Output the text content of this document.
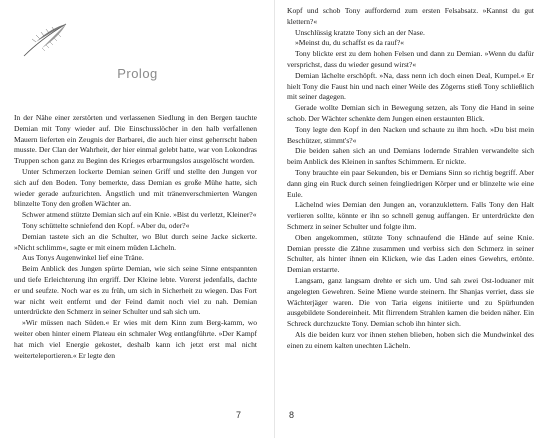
Prolog

In der Nähe einer zerstörten und verlassenen Siedlung in den Bergen tauchte Demian mit Tony wieder auf. Die Einschusslöcher in den halb verfallenen Mauern lieferten ein Zeugnis der Barbarei, die auch hier einst geherrscht haben musste. Der Clan der Wahrheit, der hier einmal gelebt hatte, war von Lokondras Truppen schon ganz zu Beginn des Krieges erbarmungslos ausgelöscht worden.

Unter Schmerzen lockerte Demian seinen Griff und stellte den Jungen vor sich auf den Boden. Tony bemerkte, dass Demian es große Mühe hatte, sich wieder gerade aufzurichten. Ängstlich und mit tränenverschmierten Wangen blinzelte Tony den großen Wächter an.

Schwer atmend stützte Demian sich auf ein Knie. »Bist du verletzt, Kleiner?«

Tony schüttelte schniefend den Kopf. »Aber du, oder?«

Demian tastete sich an die Schulter, wo Blut durch seine Jacke sickerte. »Nicht schlimm«, sagte er mit einem müden Lächeln.

Aus Tonys Augenwinkel lief eine Träne.

Beim Anblick des Jungen spürte Demian, wie sich seine Sinne entspannten und tiefe Erleichterung ihn ergriff. Der Kleine lebte. Vorerst jedenfalls, dachte er und seufzte. Noch war es zu früh, um sich in Sicherheit zu wiegen. Das Fort war nicht weit entfernt und der Feind damit noch viel zu nah. Demian unterdrückte den Schmerz in seiner Schulter und sah sich um.

»Wir müssen nach Süden.« Er wies mit dem Kinn zum Berg-kamm, wo weiter oben hinter einem Plateau ein schmaler Weg entlangführte. »Der Kampf hat mich viel Energie gekostet, deshalb kann ich jetzt erst mal nicht weiterteleportieren.« Er legte den

7

Kopf und schob Tony auffordernd zum ersten Felsabsatz. »Kannst du gut klettern?«

Unschlüssig kratzte Tony sich an der Nase.

»Meinst du, du schaffst es da rauf?«

Tony blickte erst zu dem hohen Felsen und dann zu Demian. »Wenn du dafür versprichst, dass du wieder gesund wirst?«

Demian lächelte erschöpft. »Na, dass nenn ich doch einen Deal, Kumpel.« Er hielt Tony die Faust hin und nach einer Weile des Zögerns stieß Tony schließlich mit seiner dagegen.

Gerade wollte Demian sich in Bewegung setzen, als Tony die Hand in seine schob. Der Wächter schenkte dem Jungen einen erstaunten Blick.

Tony legte den Kopf in den Nacken und schaute zu ihm hoch. »Du bist mein Beschützer, stimmt's?«

Die beiden sahen sich an und Demians lodernde Strahlen verwandelte sich beim Anblick des Kleinen in sanftes Schimmern. Er nickte.

Tony brauchte ein paar Sekunden, bis er Demians Sinn so richtig begriff. Aber dann ging ein Ruck durch seinen feingliedrigen Körper und er blinzelte wie eine Eule.

Lächelnd wies Demian den Jungen an, voranzuklettern. Falls Tony den Halt verlieren sollte, könnte er ihn so schnell genug auffangen. Er unterdrückte den Schmerz in seiner Schulter und folgte ihm.

Oben angekommen, stützte Tony schnaufend die Hände auf seine Knie. Demian presste die Zähne zusammen und verbiss sich den Schmerz in seiner Schulter, als hinter ihnen ein Klicken, wie das Laden eines Gewehrs, ertönte. Demian erstarrte.

Langsam, ganz langsam drehte er sich um. Und sah zwei Ost-loduaner mit angelegten Gewehren. Seine Miene wurde steinern. Ihr Shanjas verriet, dass sie Wächterjäger waren. Die von Taria eigens initiierte und zu Spürhunden ausgebildete Sondereinheit. Mit flirrendem Strahlen kamen die beiden näher. Ein Schreck durchzuckte Tony. Demian schob ihn hinter sich.

Als die beiden kurz vor ihnen stehen blieben, hoben sich die Mundwinkel des einen zu einem kalten unechten Lächeln.

8
